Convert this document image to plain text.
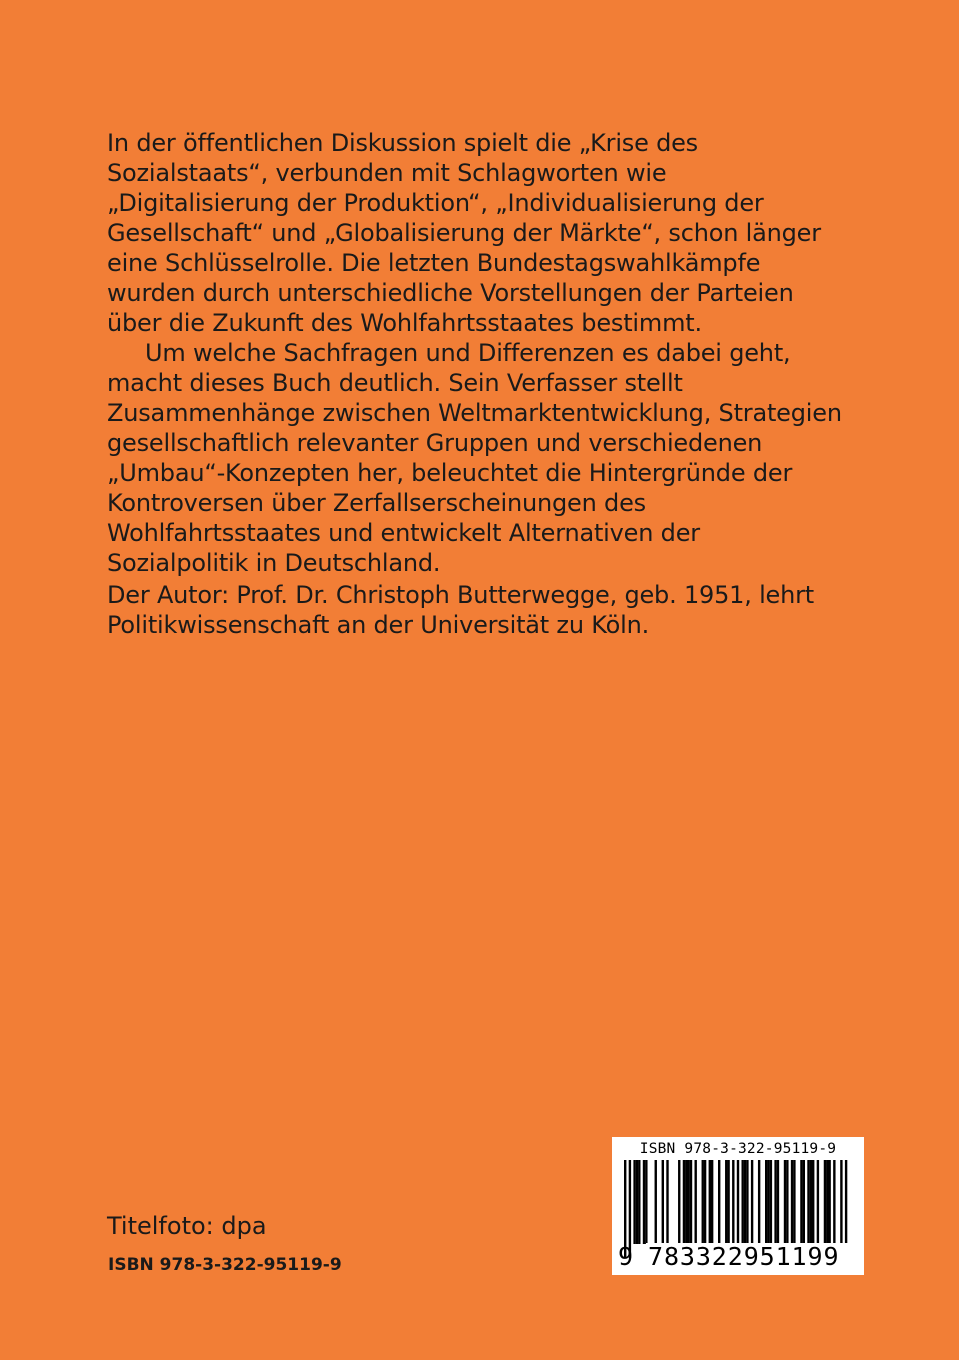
In der öffentlichen Diskussion spielt die „Krise des Sozialstaats“, verbunden mit Schlagworten wie „Digitalisierung der Produktion“, „Individualisierung der Gesellschaft“ und „Globalisierung der Märkte“, schon länger eine Schlüsselrolle. Die letzten Bundestagswahlkämpfe wurden durch unterschiedliche Vorstellungen der Parteien über die Zukunft des Wohlfahrtsstaates bestimmt.

Um welche Sachfragen und Differenzen es dabei geht, macht dieses Buch deutlich. Sein Verfasser stellt Zusammenhänge zwischen Weltmarktentwicklung, Strategien gesellschaftlich relevanter Gruppen und verschiedenen „Umbau“-Konzepten her, beleuchtet die Hintergründe der Kontroversen über Zerfallserscheinungen des Wohlfahrtsstaates und entwickelt Alternativen der Sozialpolitik in Deutschland.

Der Autor: Prof. Dr. Christoph Butterwegge, geb. 1951, lehrt Politikwissenschaft an der Universität zu Köln.

Titelfoto: dpa

ISBN 978-3-322-95119-9

ISBN 978-3-322-95119-9
9 783322951199
